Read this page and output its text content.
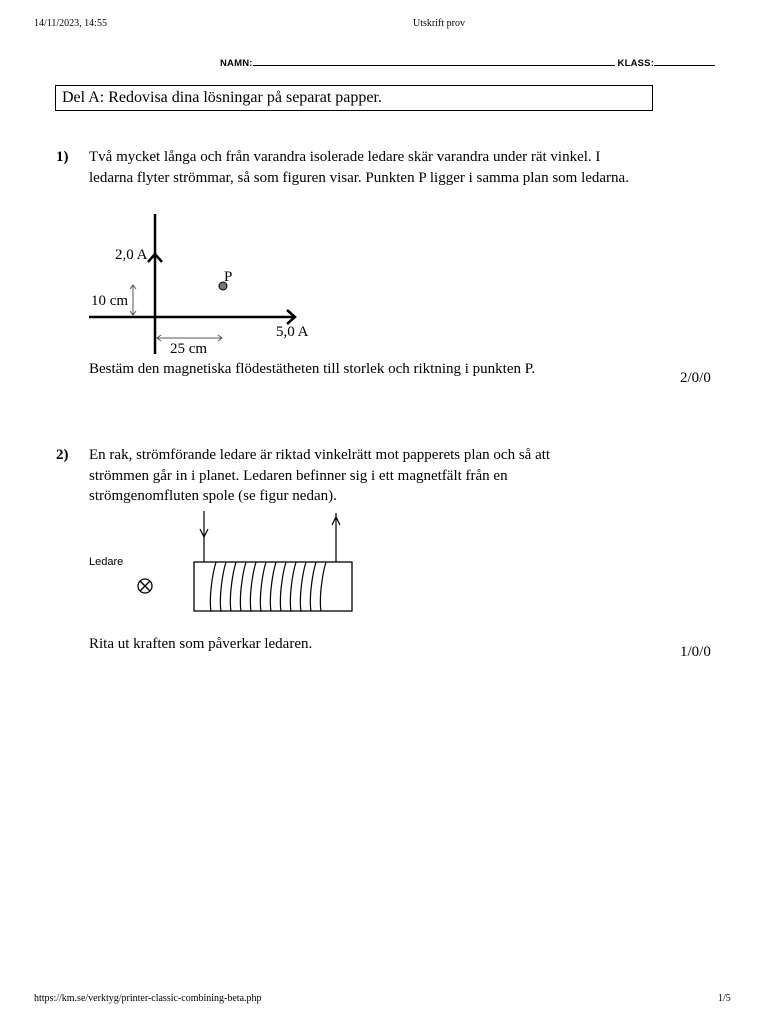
14/11/2023, 14:55	Utskrift prov
NAMN:	KLASS:
Del A: Redovisa dina lösningar på separat papper.
1) Två mycket långa och från varandra isolerade ledare skär varandra under rät vinkel. I ledarna flyter strömmar, så som figuren visar. Punkten P ligger i samma plan som ledarna.
2,0 A
P
10 cm
5,0 A
25 cm
Bestäm den magnetiska flödestätheten till storlek och riktning i punkten P.
2/0/0
2) En rak, strömförande ledare är riktad vinkelrätt mot papperets plan och så att strömmen går in i planet. Ledaren befinner sig i ett magnetfält från en strömgenomfluten spole (se figur nedan).
Ledare
Rita ut kraften som påverkar ledaren.	1/0/0
https://km.se/verktyg/printer-classic-combining-beta.php	1/5
